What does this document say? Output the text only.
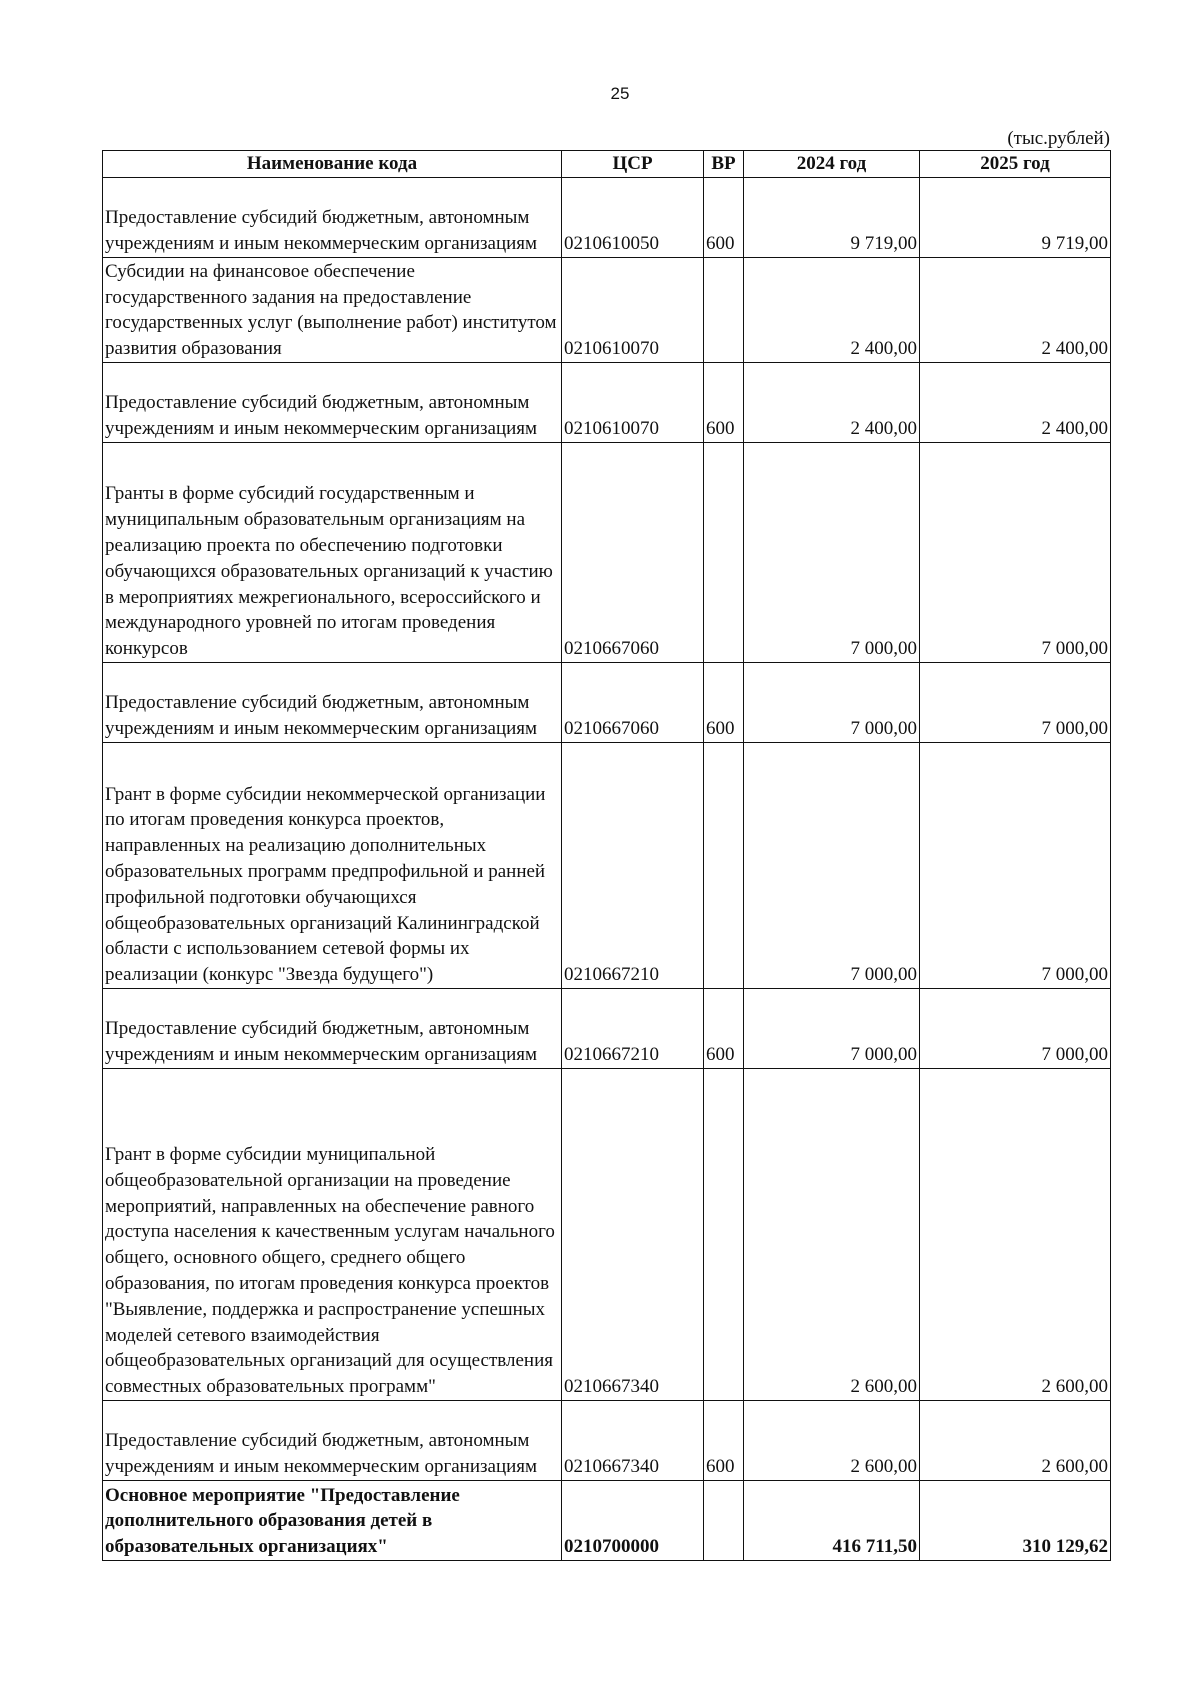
25
(тыс.рублей)
Наименование кода	ЦСР	ВР	2024 год	2025 год
Предоставление субсидий бюджетным, автономным учреждениям и иным некоммерческим организациям	0210610050	600	9 719,00	9 719,00
Субсидии на финансовое обеспечение государственного задания на предоставление государственных услуг (выполнение работ) институтом развития образования	0210610070		2 400,00	2 400,00
Предоставление субсидий бюджетным, автономным учреждениям и иным некоммерческим организациям	0210610070	600	2 400,00	2 400,00
Гранты в форме субсидий государственным и муниципальным образовательным организациям на реализацию проекта по обеспечению подготовки обучающихся образовательных организаций к участию в мероприятиях межрегионального, всероссийского и международного уровней по итогам проведения конкурсов	0210667060		7 000,00	7 000,00
Предоставление субсидий бюджетным, автономным учреждениям и иным некоммерческим организациям	0210667060	600	7 000,00	7 000,00
Грант в форме субсидии некоммерческой организации по итогам проведения конкурса проектов, направленных на реализацию дополнительных образовательных программ предпрофильной и ранней профильной подготовки обучающихся общеобразовательных организаций Калининградской области с использованием сетевой формы их реализации (конкурс "Звезда будущего")	0210667210		7 000,00	7 000,00
Предоставление субсидий бюджетным, автономным учреждениям и иным некоммерческим организациям	0210667210	600	7 000,00	7 000,00
Грант в форме субсидии муниципальной общеобразовательной организации на проведение мероприятий, направленных на обеспечение равного доступа населения к качественным услугам начального общего, основного общего, среднего общего образования, по итогам проведения конкурса проектов "Выявление, поддержка и распространение успешных моделей сетевого взаимодействия общеобразовательных организаций для осуществления совместных образовательных программ"	0210667340		2 600,00	2 600,00
Предоставление субсидий бюджетным, автономным учреждениям и иным некоммерческим организациям	0210667340	600	2 600,00	2 600,00
Основное мероприятие "Предоставление дополнительного образования детей в образовательных организациях"	0210700000		416 711,50	310 129,62
